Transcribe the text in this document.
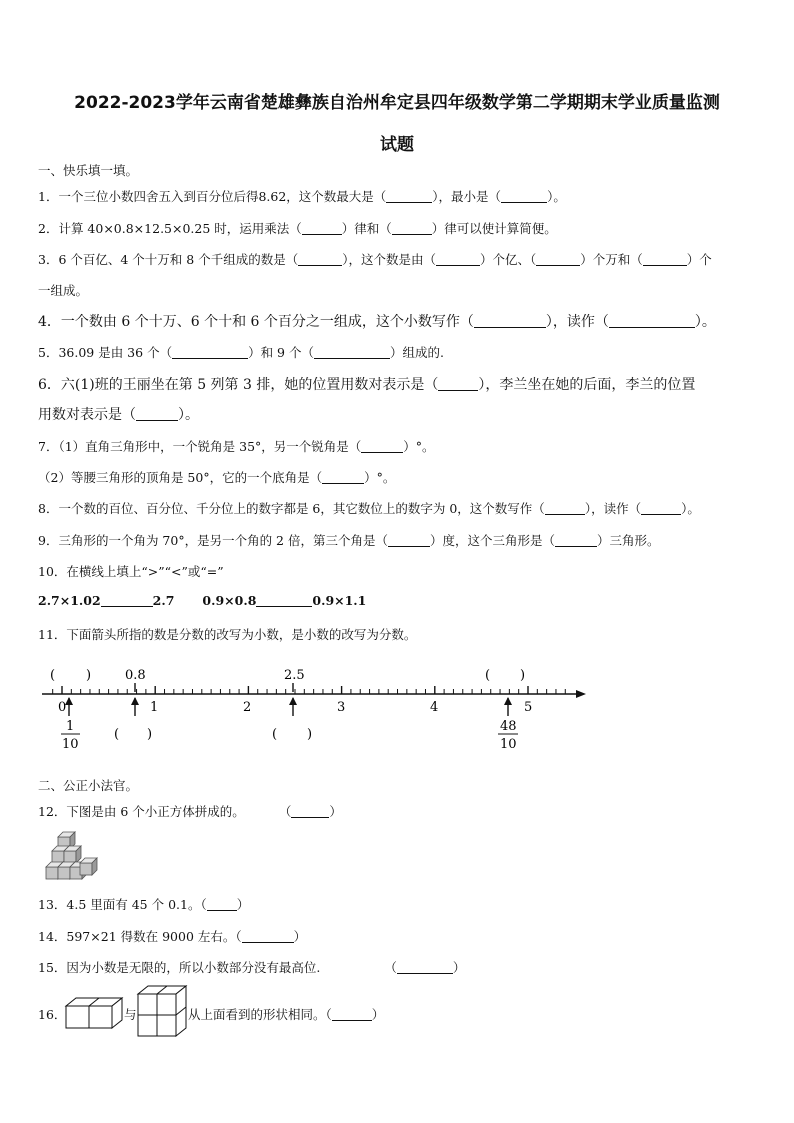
2022-2023学年云南省楚雄彝族自治州牟定县四年级数学第二学期期末学业质量监测
试题
一、快乐填一填。
1．一个三位小数四舍五入到百分位后得8.62，这个数最大是（	），最小是（	）。
2．计算 40×0.8×12.5×0.25 时，运用乘法（	）律和（	）律可以使计算简便。
3．6 个百亿、4 个十万和 8 个千组成的数是（	），这个数是由（	）个亿、（	）个万和（	）个
一组成。
4．一个数由 6 个十万、6 个十和 6 个百分之一组成，这个小数写作（	），读作（	）。
5．36.09 是由 36 个（	）和 9 个（	）组成的.
6．六(1)班的王丽坐在第 5 列第 3 排，她的位置用数对表示是（	），李兰坐在她的后面，李兰的位置
用数对表示是（	）。
7．（1）直角三角形中，一个锐角是 35°，另一个锐角是（	）°。
（2）等腰三角形的顶角是 50°，它的一个底角是（	）°。
8．一个数的百位、百分位、千分位上的数字都是 6，其它数位上的数字为 0，这个数写作（	），读作（	）。
9．三角形的一个角为 70°，是另一个角的 2 倍，第三个角是（	）度，这个三角形是（	）三角形。
10．在横线上填上“>”“<”或“=”
2.7×1.02	2.7 0.9×0.8	0.9×1.1
11．下面箭头所指的数是分数的改写为小数，是小数的改写为分数。
( )	0.8	2.5	( )
0	1	2	3	4	5
1
10
48
10
( )	( )
二、公正小法官。
12．下图是由 6 个小正方体拼成的。	（	）
13．4.5 里面有 45 个 0.1。（ ）
14．597×21 得数在 9000 左右。（	）
15．因为小数是无限的，所以小数部分没有最高位.	（	）
16．	与	从上面看到的形状相同。（	）
